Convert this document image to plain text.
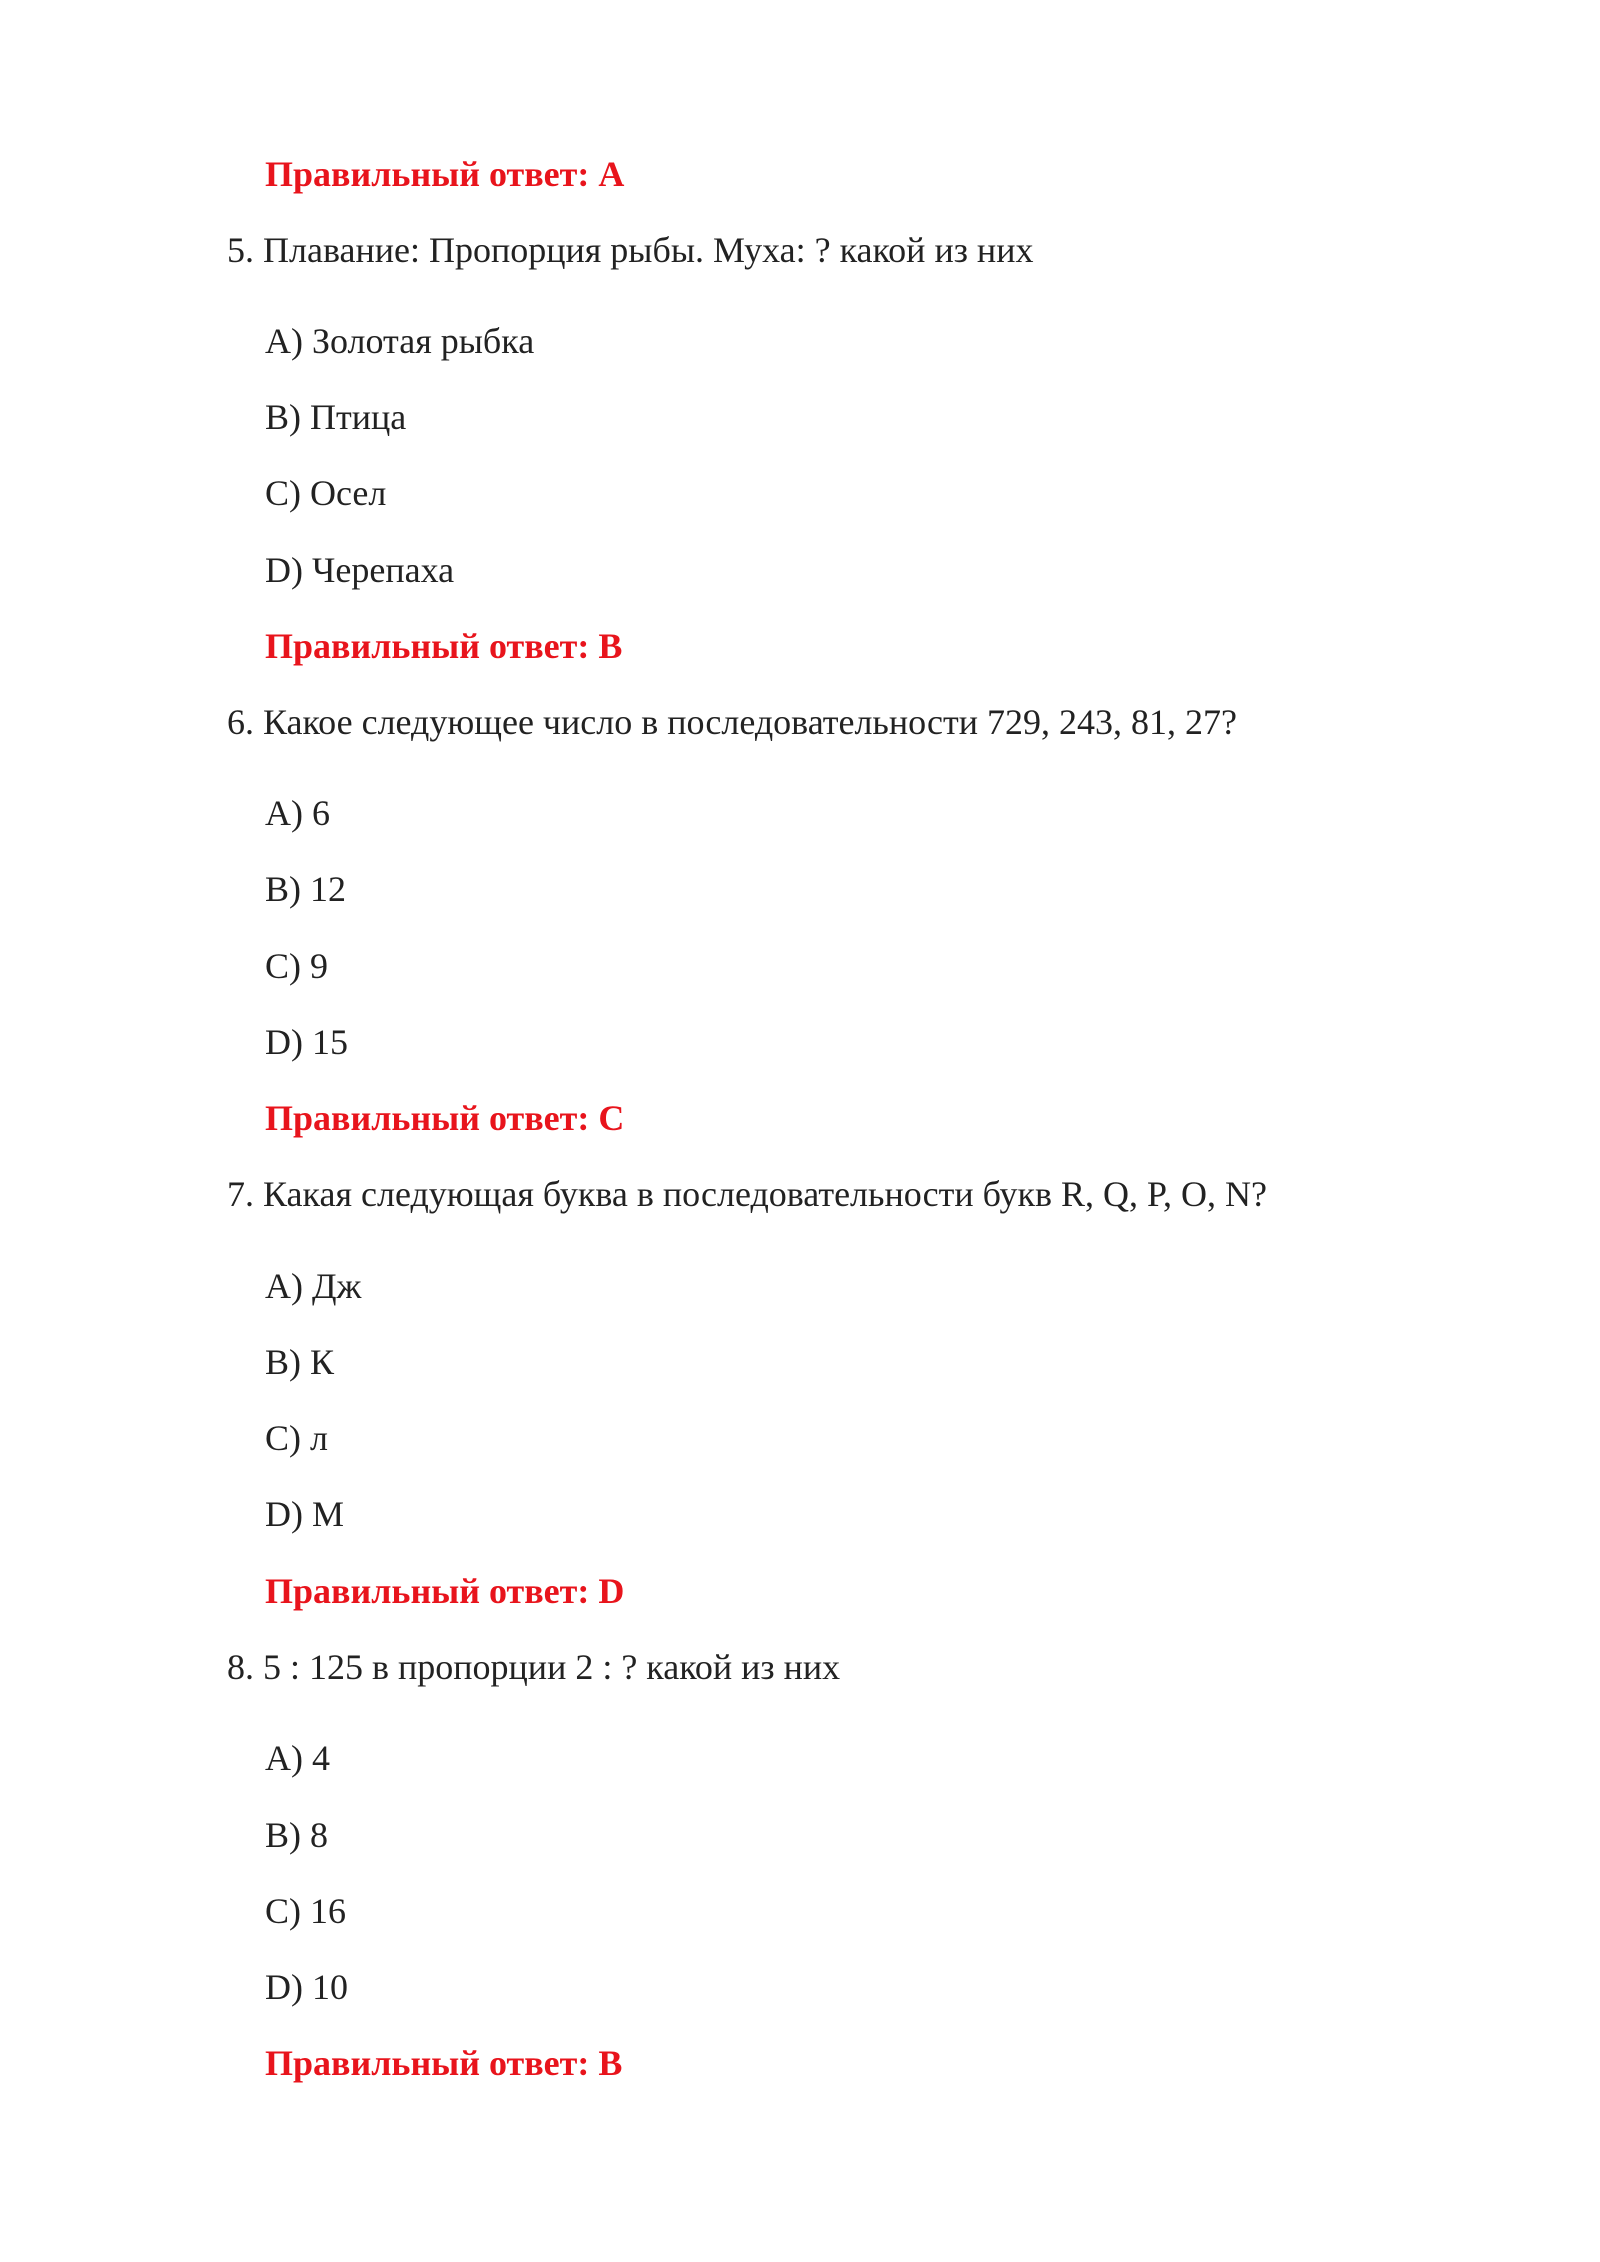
Правильный ответ: A
5. Плавание: Пропорция рыбы. Муха: ? какой из них
A) Золотая рыбка
B) Птица
C) Осел
D) Черепаха
Правильный ответ: B
6. Какое следующее число в последовательности 729, 243, 81, 27?
A) 6
B) 12
C) 9
D) 15
Правильный ответ: C
7. Какая следующая буква в последовательности букв R, Q, P, O, N?
A) Дж
B) К
C) л
D) M
Правильный ответ: D
8. 5 : 125 в пропорции 2 : ? какой из них
A) 4
B) 8
C) 16
D) 10
Правильный ответ: B
